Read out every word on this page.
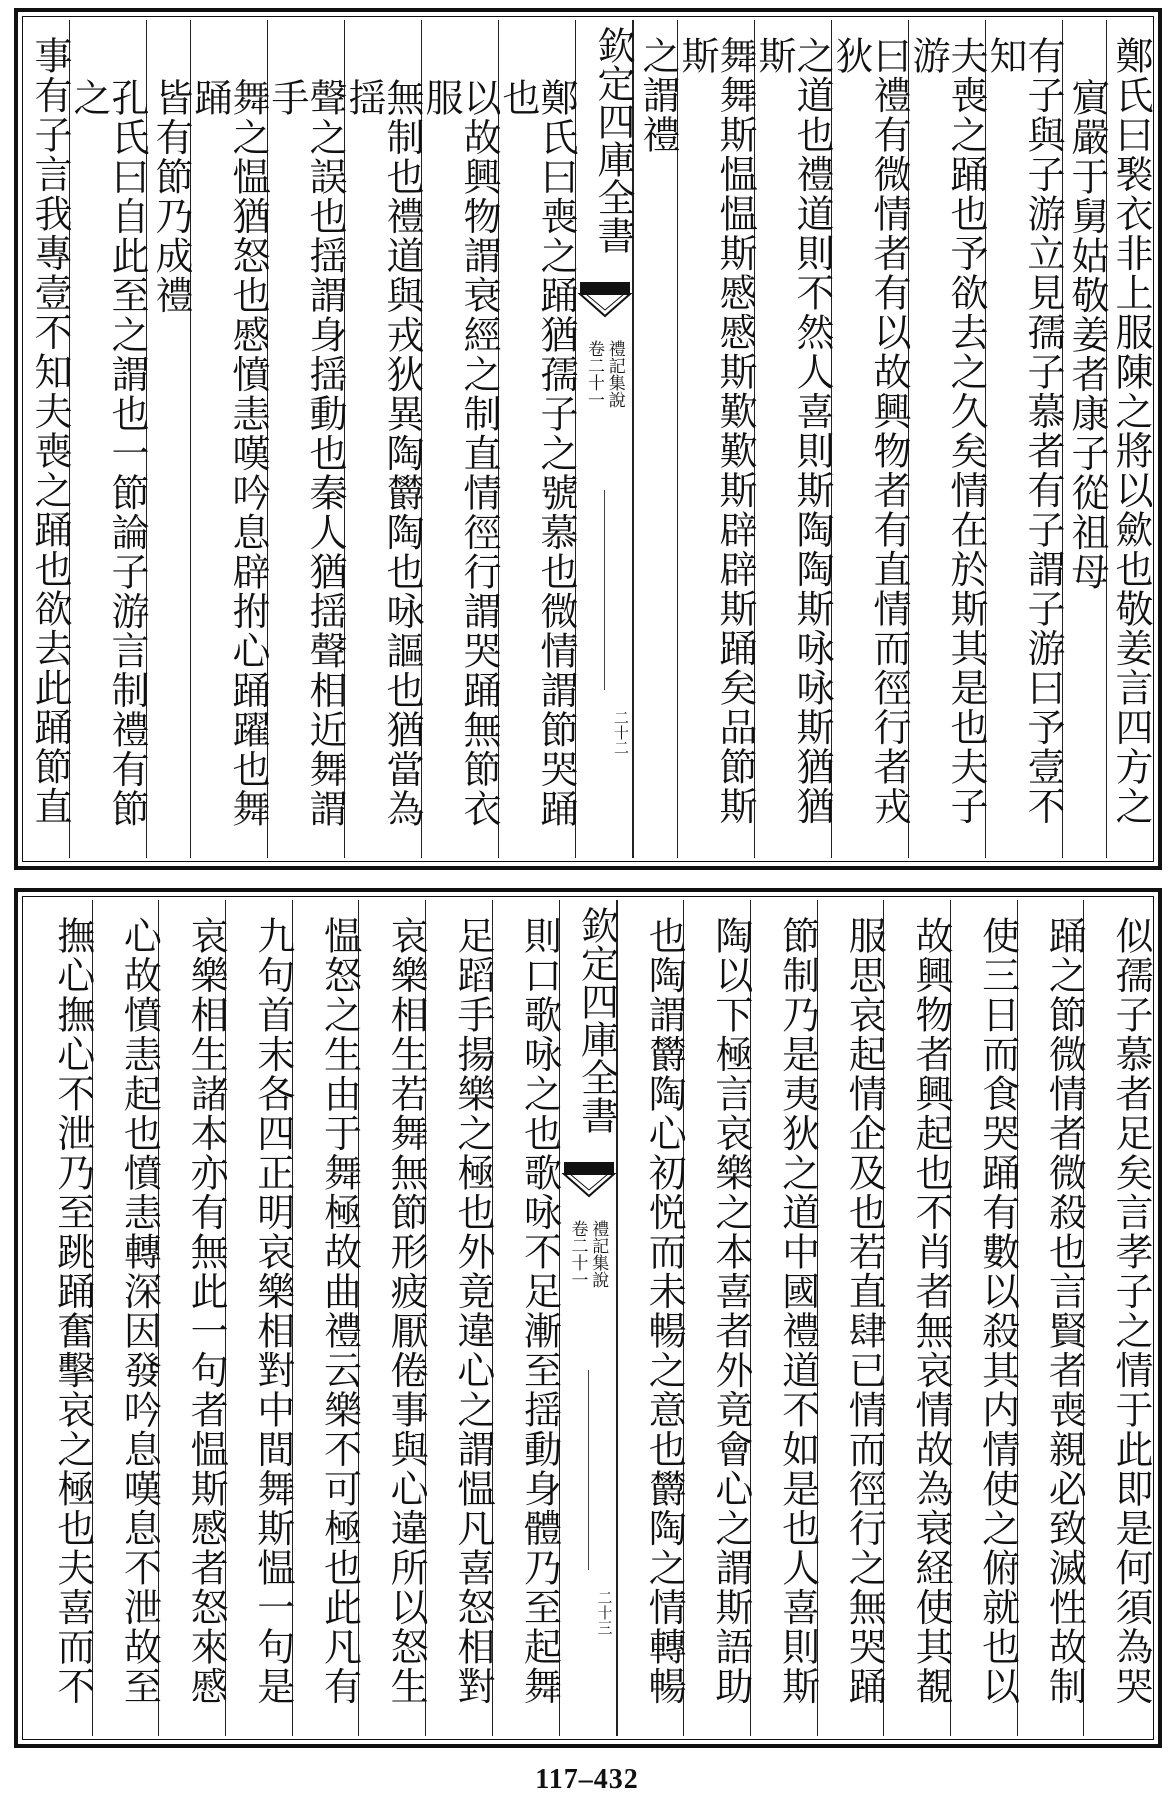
鄭氏曰褧衣非上服陳之將以歛也敬姜言四方之
賔嚴于舅姑敬姜者康子從祖母
有子與子游立見孺子慕者有子謂子游曰予壹不知
夫喪之踊也予欲去之久矣情在於斯其是也夫子游
曰禮有微情者有以故興物者有直情而徑行者戎狄
之道也禮道則不然人喜則斯陶陶斯咏咏斯猶猶斯
舞舞斯愠愠斯慼慼斯歎歎斯辟辟斯踊矣品節斯斯
之謂禮
欽定四庫全書
禮記集說
卷二十一
二十二
鄭氏曰喪之踊猶孺子之號慕也微情謂節哭踊也
以故興物謂衰經之制直情徑行謂哭踊無節衣服
無制也禮道與戎狄異陶欝陶也咏謳也猶當為揺
聲之誤也揺謂身揺動也秦人猶揺聲相近舞謂手
舞之愠猶怒也慼憤恚嘆吟息辟拊心踊躍也舞踊
皆有節乃成禮
孔氏曰自此至之謂也一節論子游言制禮有節之
事有子言我專壹不知夫喪之踊也欲去此踊節直
似孺子慕者足矣言孝子之情于此即是何須為哭
踊之節微情者微殺也言賢者喪親必致滅性故制
使三日而食哭踊有數以殺其内情使之俯就也以
故興物者興起也不肖者無哀情故為衰経使其覩
服思哀起情企及也若直肆已情而徑行之無哭踊
節制乃是夷狄之道中國禮道不如是也人喜則斯
陶以下極言哀樂之本喜者外竟會心之謂斯語助
也陶謂欝陶心初悦而未暢之意也欝陶之情轉暢
欽定四庫全書
禮記集說
卷二十一
二十三
則口歌咏之也歌咏不足漸至揺動身體乃至起舞
足蹈手揚樂之極也外竟違心之謂愠凡喜怒相對
哀樂相生若舞無節形疲厭倦事與心違所以怒生
愠怒之生由于舞極故曲禮云樂不可極也此凡有
九句首末各四正明哀樂相對中間舞斯愠一句是
哀樂相生諸本亦有無此一句者愠斯慼者怒來慼
心故憤恚起也憤恚轉深因發吟息嘆息不泄故至
撫心撫心不泄乃至跳踊奮擊哀之極也夫喜而不
117–432
